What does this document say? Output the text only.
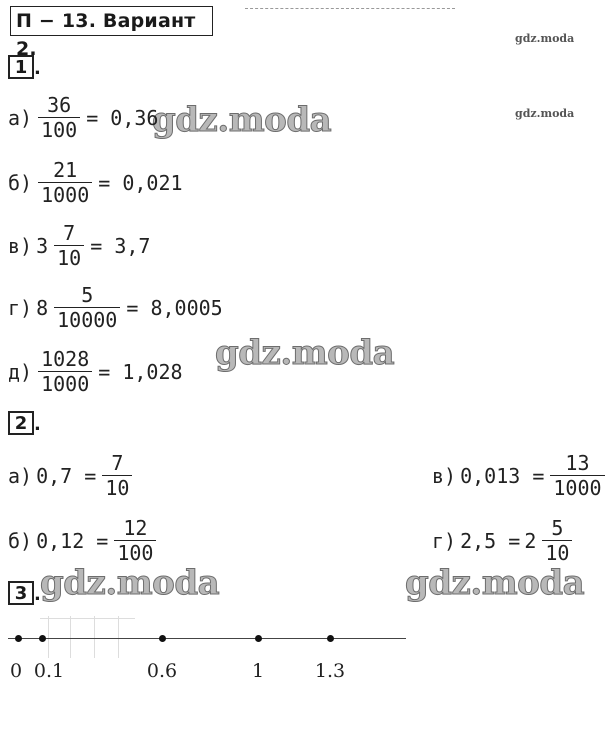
П − 13. Вариант 2.	gdz.moda
gdz.moda
gdz.moda
gdz.moda
gdz.moda	gdz.moda
1 .
$а) \frac{36}{100} = 0,36$
$б) \frac{21}{1000} = 0,021$
в) $3 \frac{7}{10} = 3,7$
г) $8 \frac{5}{10000} = 8,0005$
$д) \frac{1028}{1000} = 1,028$
2 .
а) $0,7 = \frac{7}{10}$	в) $0,013 = \frac{13}{1000}$
б) $0,12 = \frac{12}{100}$	г) $2,5 = 2 \frac{5}{10}$
3 .
0 0.1	0.6	1	1.3
